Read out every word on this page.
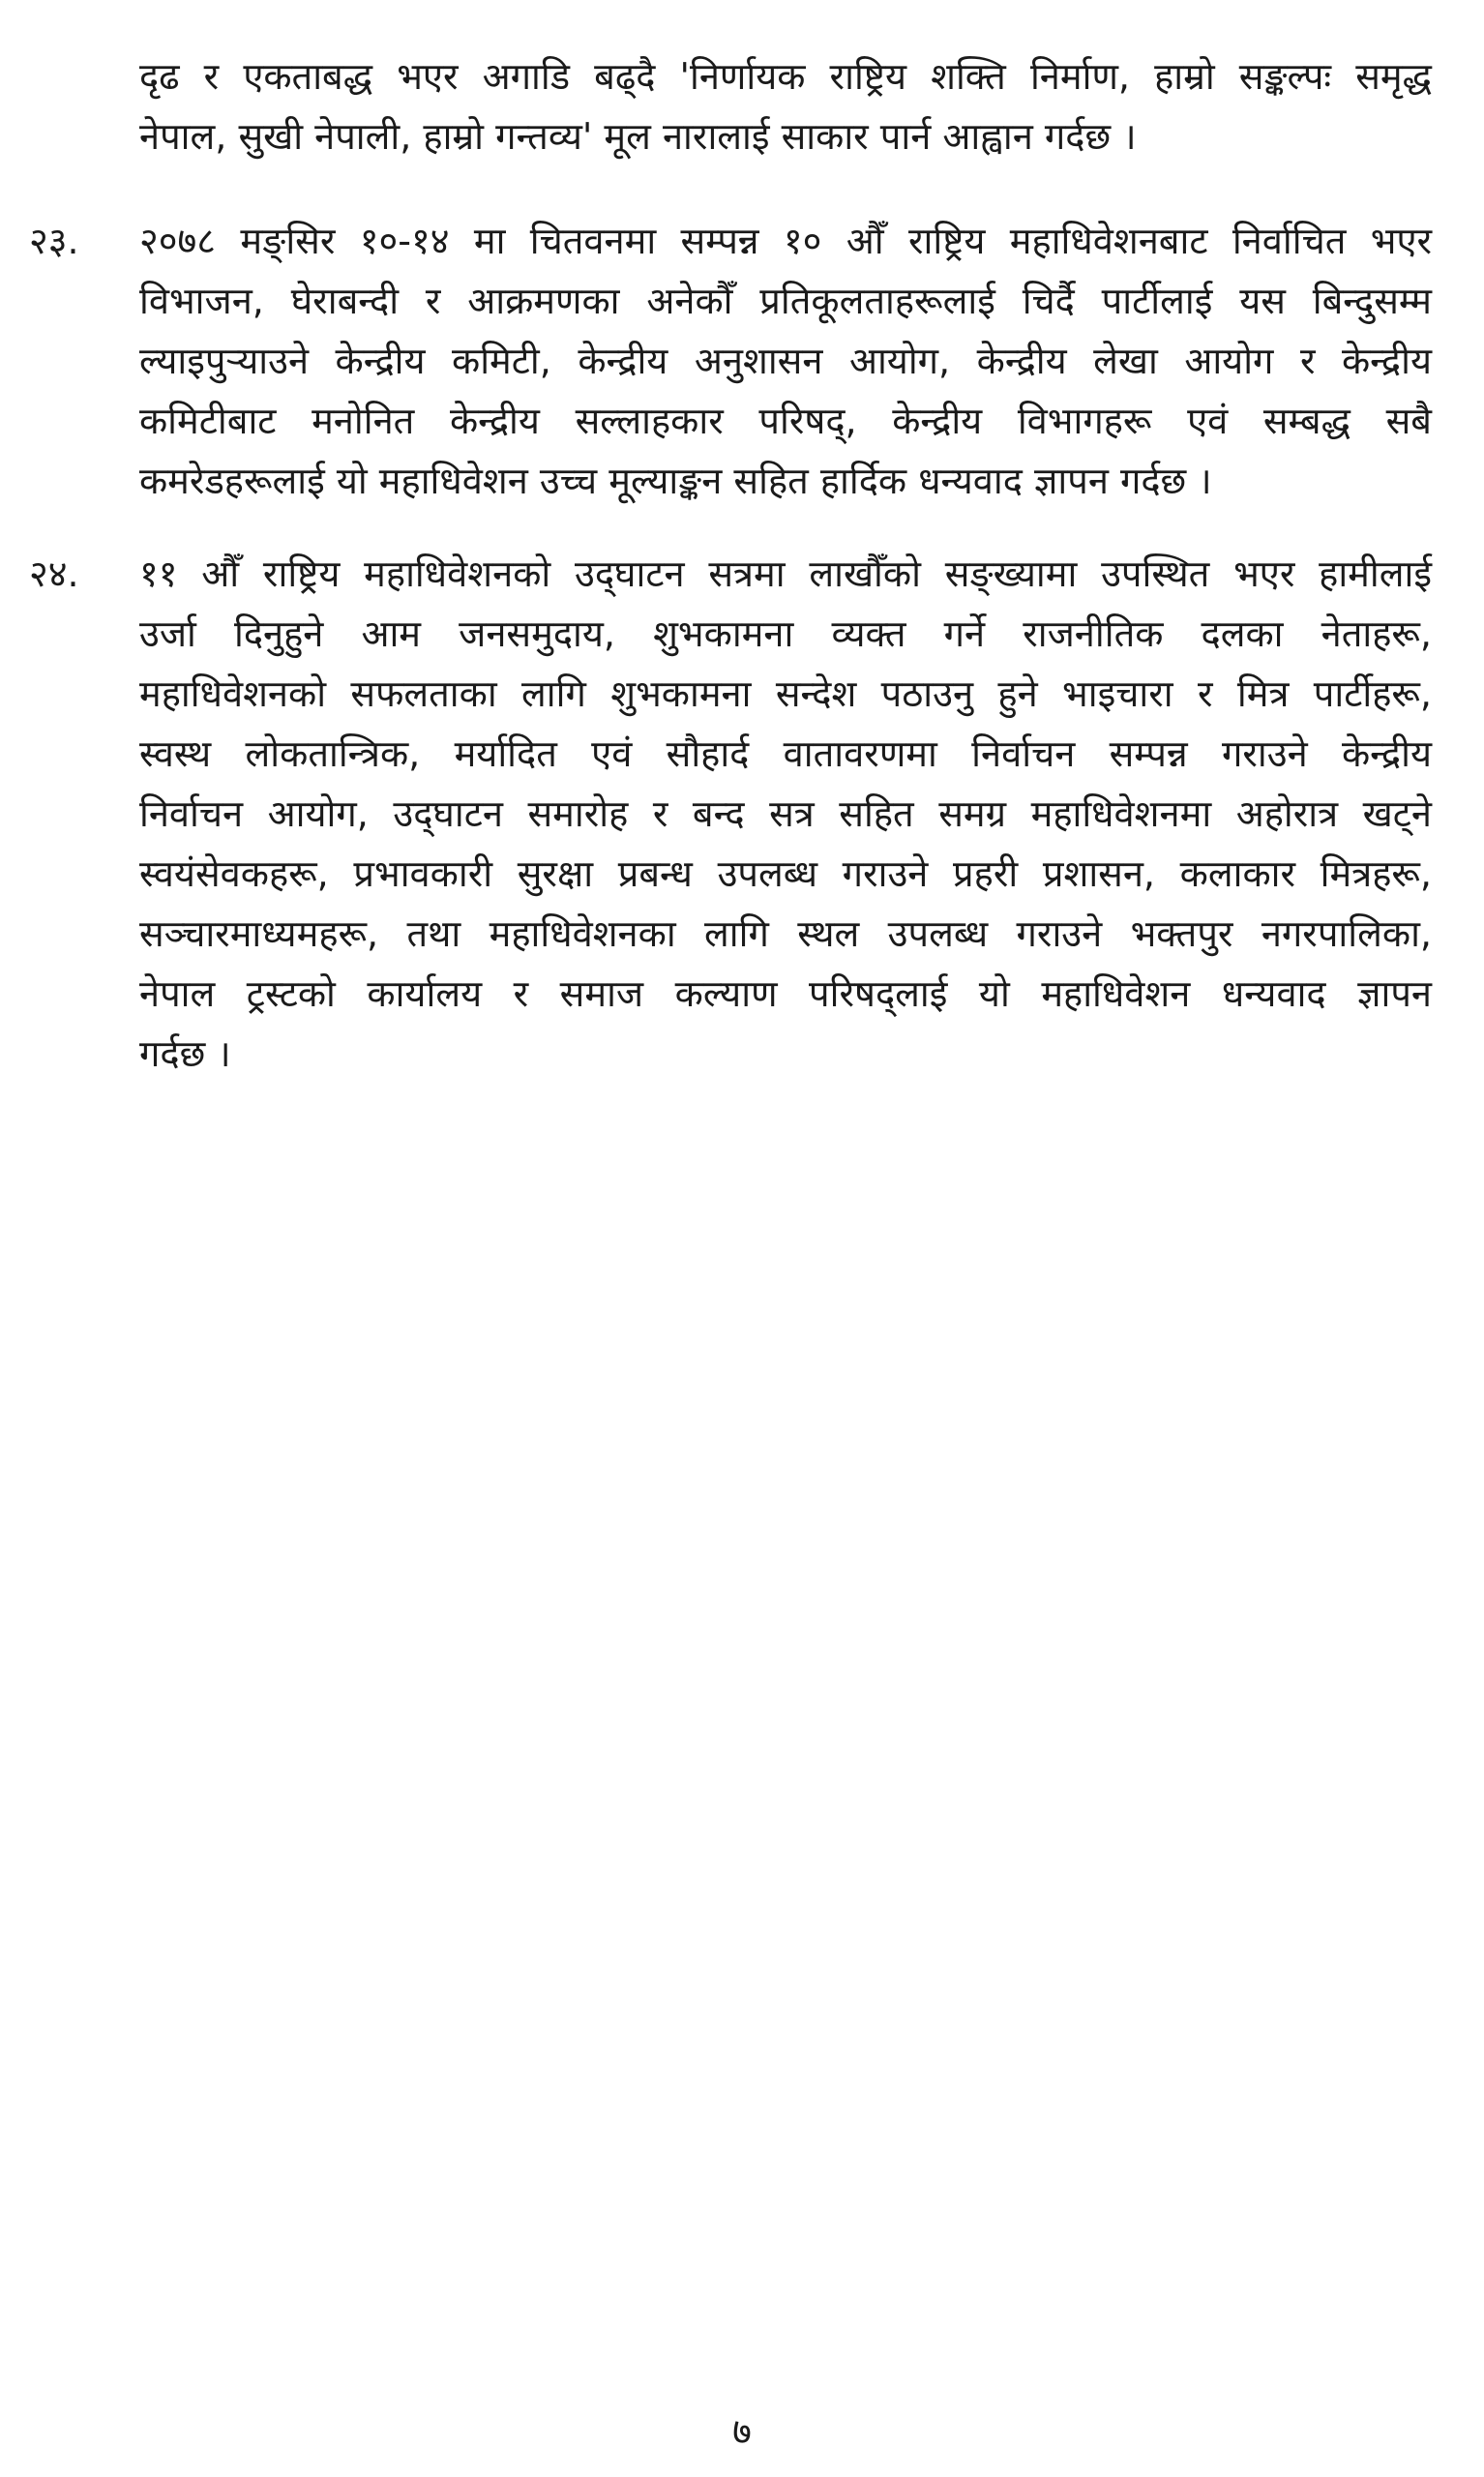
दृढ र एकताबद्ध भएर अगाडि बढ्दै 'निर्णायक राष्ट्रिय शक्ति निर्माण, हाम्रो सङ्कल्पः समृद्ध
नेपाल, सुखी नेपाली, हाम्रो गन्तव्य' मूल नारालाई साकार पार्न आह्वान गर्दछ ।
२३.	२०७८ मङ्सिर १०-१४ मा चितवनमा सम्पन्न १० औँ राष्ट्रिय महाधिवेशनबाट निर्वाचित भएर
विभाजन, घेराबन्दी र आक्रमणका अनेकौँ प्रतिकूलताहरूलाई चिर्दै पार्टीलाई यस बिन्दुसम्म
ल्याइपुऱ्याउने केन्द्रीय कमिटी, केन्द्रीय अनुशासन आयोग, केन्द्रीय लेखा आयोग र केन्द्रीय
कमिटीबाट मनोनित केन्द्रीय सल्लाहकार परिषद्, केन्द्रीय विभागहरू एवं सम्बद्ध सबै
कमरेडहरूलाई यो महाधिवेशन उच्च मूल्याङ्कन सहित हार्दिक धन्यवाद ज्ञापन गर्दछ ।
२४.	११ औँ राष्ट्रिय महाधिवेशनको उद्‌घाटन सत्रमा लाखौँको सङ्ख्यामा उपस्थित भएर हामीलाई
उर्जा दिनुहुने आम जनसमुदाय, शुभकामना व्यक्त गर्ने राजनीतिक दलका नेताहरू,
महाधिवेशनको सफलताका लागि शुभकामना सन्देश पठाउनु हुने भाइचारा र मित्र पार्टीहरू,
स्वस्थ लोकतान्त्रिक, मर्यादित एवं सौहार्द वातावरणमा निर्वाचन सम्पन्न गराउने केन्द्रीय
निर्वाचन आयोग, उद्‌घाटन समारोह र बन्द सत्र सहित समग्र महाधिवेशनमा अहोरात्र खट्ने
स्वयंसेवकहरू, प्रभावकारी सुरक्षा प्रबन्ध उपलब्ध गराउने प्रहरी प्रशासन, कलाकार मित्रहरू,
सञ्चारमाध्यमहरू, तथा महाधिवेशनका लागि स्थल उपलब्ध गराउने भक्तपुर नगरपालिका,
नेपाल ट्रस्टको कार्यालय र समाज कल्याण परिषद्‌लाई यो महाधिवेशन धन्यवाद ज्ञापन
गर्दछ ।
७
